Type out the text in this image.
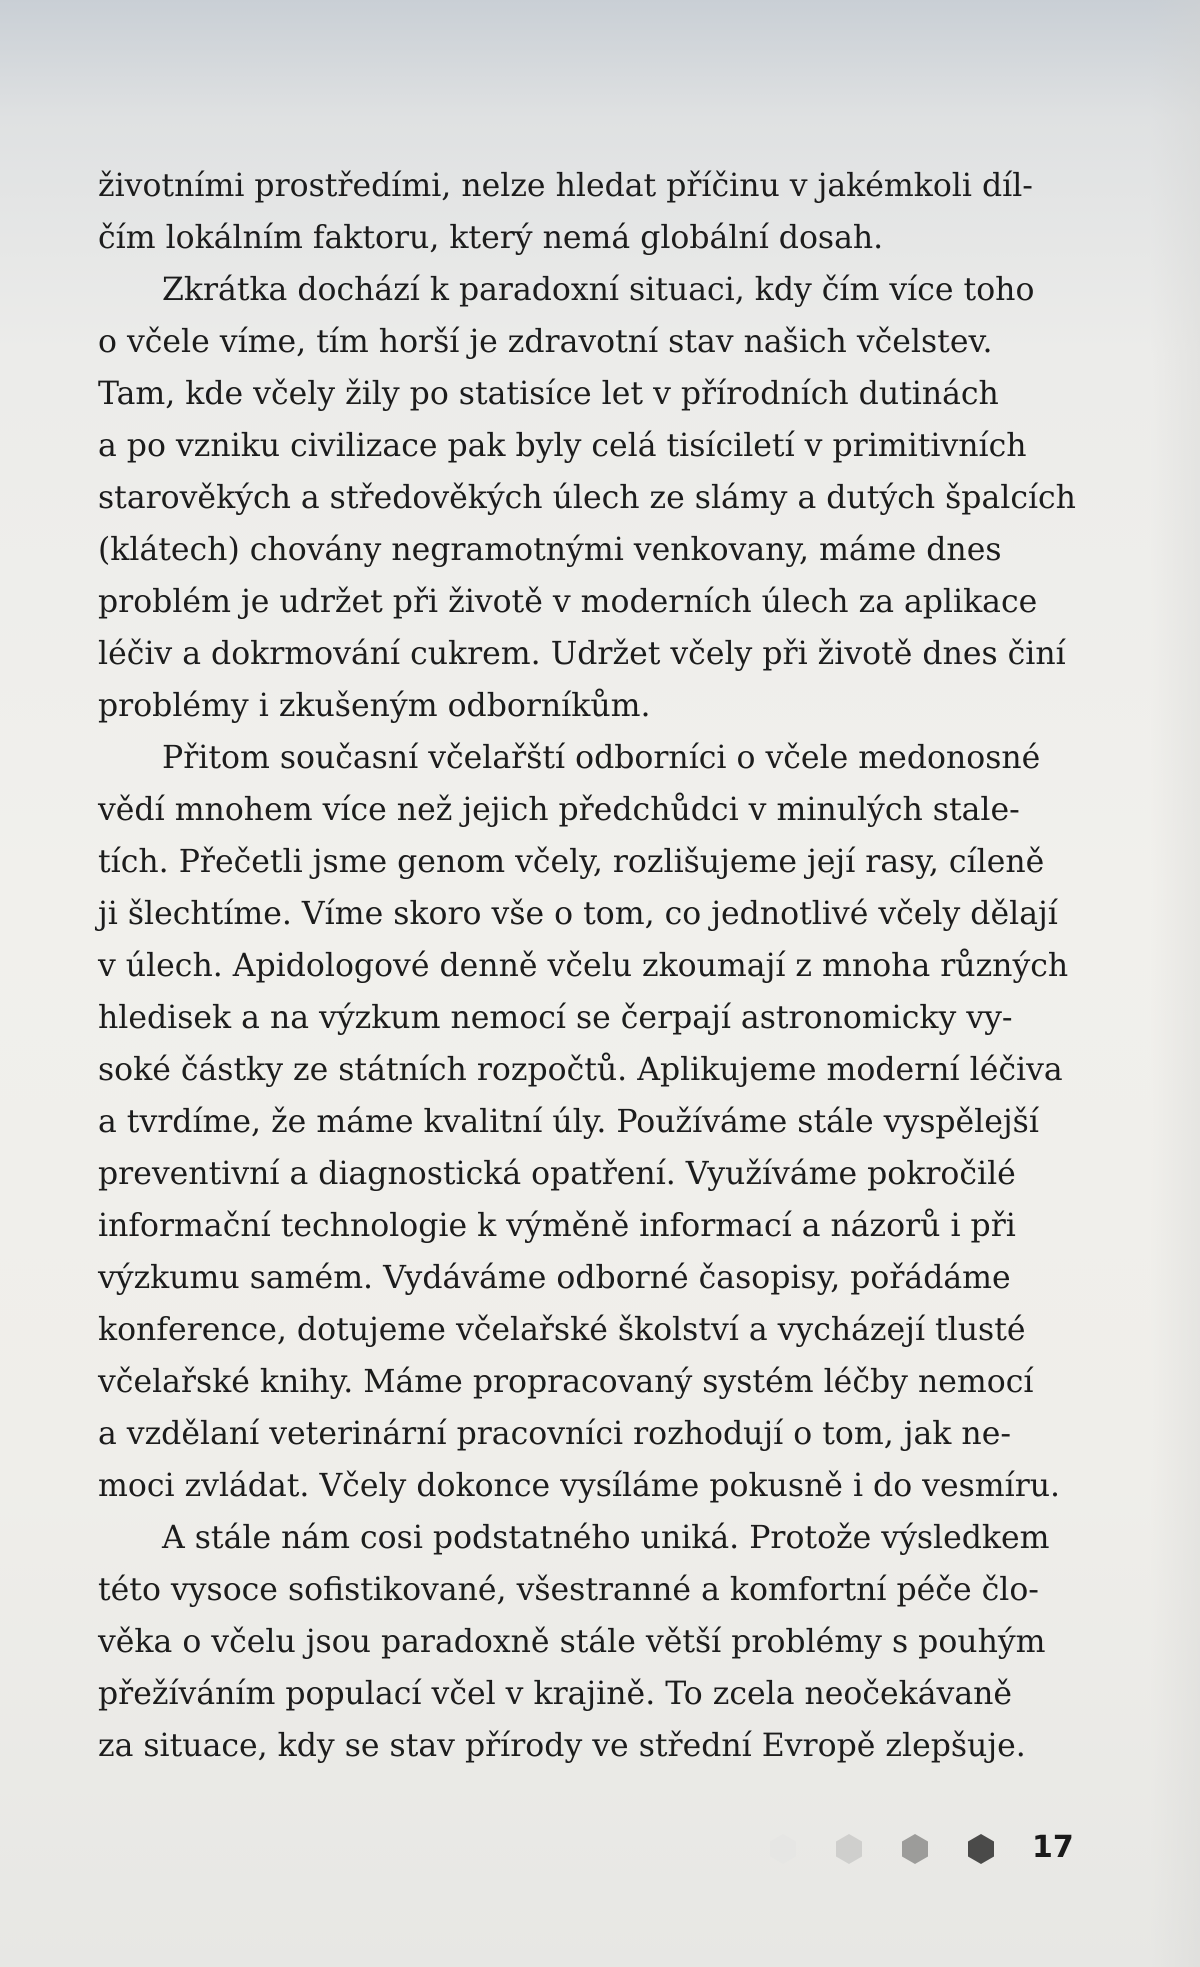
životními prostředími, nelze hledat příčinu v jakémkoli díl-
čím lokálním faktoru, který nemá globální dosah.
Zkrátka dochází k paradoxní situaci, kdy čím více toho
o včele víme, tím horší je zdravotní stav našich včelstev.
Tam, kde včely žily po statisíce let v přírodních dutinách
a po vzniku civilizace pak byly celá tisíciletí v primitivních
starověkých a středověkých úlech ze slámy a dutých špalcích
(klátech) chovány negramotnými venkovany, máme dnes
problém je udržet při životě v moderních úlech za aplikace
léčiv a dokrmování cukrem. Udržet včely při životě dnes činí
problémy i zkušeným odborníkům.
Přitom současní včelařští odborníci o včele medonosné
vědí mnohem více než jejich předchůdci v minulých stale-
tích. Přečetli jsme genom včely, rozlišujeme její rasy, cíleně
ji šlechtíme. Víme skoro vše o tom, co jednotlivé včely dělají
v úlech. Apidologové denně včelu zkoumají z mnoha různých
hledisek a na výzkum nemocí se čerpají astronomicky vy-
soké částky ze státních rozpočtů. Aplikujeme moderní léčiva
a tvrdíme, že máme kvalitní úly. Používáme stále vyspělejší
preventivní a diagnostická opatření. Využíváme pokročilé
informační technologie k výměně informací a názorů i při
výzkumu samém. Vydáváme odborné časopisy, pořádáme
konference, dotujeme včelařské školství a vycházejí tlusté
včelařské knihy. Máme propracovaný systém léčby nemocí
a vzdělaní veterinární pracovníci rozhodují o tom, jak ne-
moci zvládat. Včely dokonce vysíláme pokusně i do vesmíru.
A stále nám cosi podstatného uniká. Protože výsledkem
této vysoce sofistikované, všestranné a komfortní péče člo-
věka o včelu jsou paradoxně stále větší problémy s pouhým
přežíváním populací včel v krajině. To zcela neočekávaně
za situace, kdy se stav přírody ve střední Evropě zlepšuje.
17
